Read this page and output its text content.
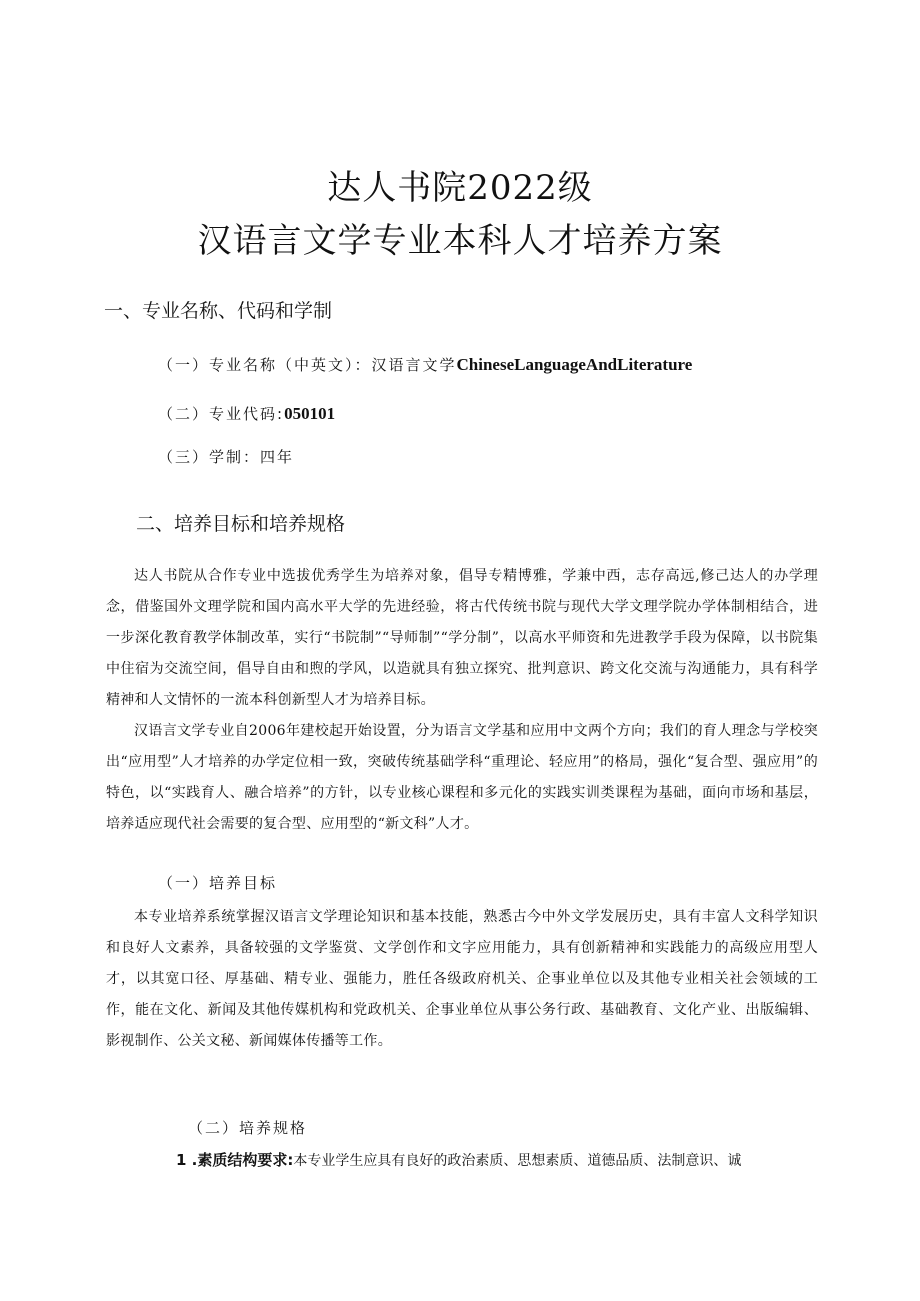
达人书院2022级
汉语言文学专业本科人才培养方案
一、专业名称、代码和学制
（一）专业名称（中英文）：汉语言文学ChineseLanguageAndLiterature
（二）专业代码:050101
（三）学制：四年
二、培养目标和培养规格
达人书院从合作专业中选拔优秀学生为培养对象，倡导专精博雅，学兼中西，志存高远,修己达人的办学理念，借鉴国外文理学院和国内高水平大学的先进经验，将古代传统书院与现代大学文理学院办学体制相结合，进一步深化教育教学体制改革，实行“书院制”“导师制”“学分制”，以高水平师资和先进教学手段为保障，以书院集中住宿为交流空间，倡导自由和煦的学风，以造就具有独立探究、批判意识、跨文化交流与沟通能力，具有科学精神和人文情怀的一流本科创新型人才为培养目标。
汉语言文学专业自2006年建校起开始设置，分为语言文学基和应用中文两个方向；我们的育人理念与学校突出“应用型”人才培养的办学定位相一致，突破传统基础学科“重理论、轻应用”的格局，强化“复合型、强应用”的特色，以“实践育人、融合培养”的方针，以专业核心课程和多元化的实践实训类课程为基础，面向市场和基层，培养适应现代社会需要的复合型、应用型的“新文科”人才。
（一）培养目标
本专业培养系统掌握汉语言文学理论知识和基本技能，熟悉古今中外文学发展历史，具有丰富人文科学知识和良好人文素养，具备较强的文学鉴赏、文学创作和文字应用能力，具有创新精神和实践能力的高级应用型人才，以其宽口径、厚基础、精专业、强能力，胜任各级政府机关、企事业单位以及其他专业相关社会领域的工作，能在文化、新闻及其他传媒机构和党政机关、企事业单位从事公务行政、基础教育、文化产业、出版编辑、影视制作、公关文秘、新闻媒体传播等工作。
（二）培养规格
1 .素质结构要求:本专业学生应具有良好的政治素质、思想素质、道德品质、法制意识、诚
